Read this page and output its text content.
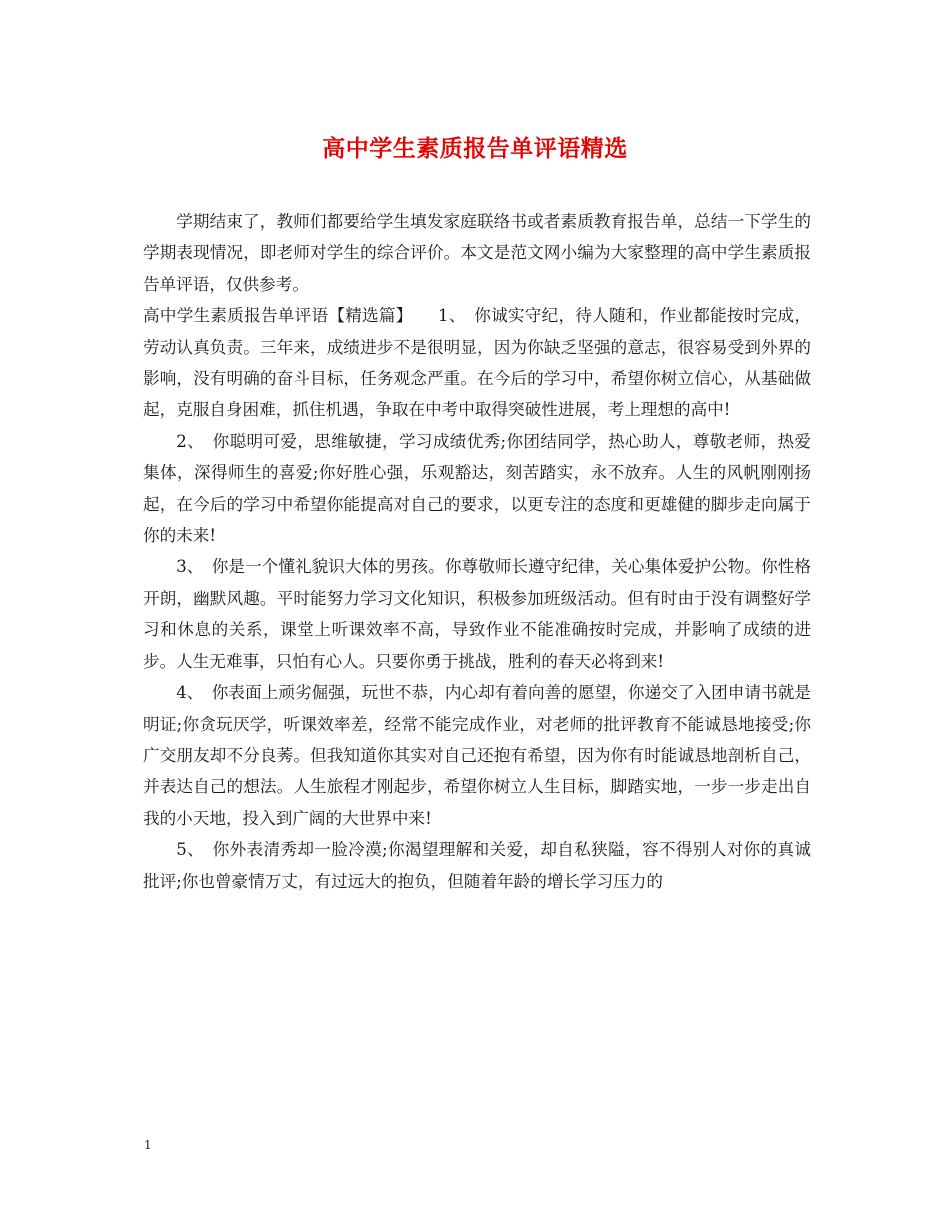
高中学生素质报告单评语精选

学期结束了，教师们都要给学生填发家庭联络书或者素质教育报告单，总结一下学生的学期表现情况，即老师对学生的综合评价。本文是范文网小编为大家整理的高中学生素质报告单评语，仅供参考。

高中学生素质报告单评语【精选篇】　　1、　你诚实守纪，待人随和，作业都能按时完成，劳动认真负责。三年来，成绩进步不是很明显，因为你缺乏坚强的意志，很容易受到外界的影响，没有明确的奋斗目标，任务观念严重。在今后的学习中，希望你树立信心，从基础做起，克服自身困难，抓住机遇，争取在中考中取得突破性进展，考上理想的高中!

2、　你聪明可爱，思维敏捷，学习成绩优秀;你团结同学，热心助人，尊敬老师，热爱集体，深得师生的喜爱;你好胜心强，乐观豁达，刻苦踏实，永不放弃。人生的风帆刚刚扬起，在今后的学习中希望你能提高对自己的要求，以更专注的态度和更雄健的脚步走向属于你的未来!

3、　你是一个懂礼貌识大体的男孩。你尊敬师长遵守纪律，关心集体爱护公物。你性格开朗，幽默风趣。平时能努力学习文化知识，积极参加班级活动。但有时由于没有调整好学习和休息的关系，课堂上听课效率不高，导致作业不能准确按时完成，并影响了成绩的进步。人生无难事，只怕有心人。只要你勇于挑战，胜利的春天必将到来!

4、　你表面上顽劣倔强，玩世不恭，内心却有着向善的愿望，你递交了入团申请书就是明证;你贪玩厌学，听课效率差，经常不能完成作业，对老师的批评教育不能诚恳地接受;你广交朋友却不分良莠。但我知道你其实对自己还抱有希望，因为你有时能诚恳地剖析自己，并表达自己的想法。人生旅程才刚起步，希望你树立人生目标，脚踏实地，一步一步走出自我的小天地，投入到广阔的大世界中来!

5、　你外表清秀却一脸冷漠;你渴望理解和关爱，却自私狭隘，容不得别人对你的真诚批评;你也曾豪情万丈，有过远大的抱负，但随着年龄的增长学习压力的

1
